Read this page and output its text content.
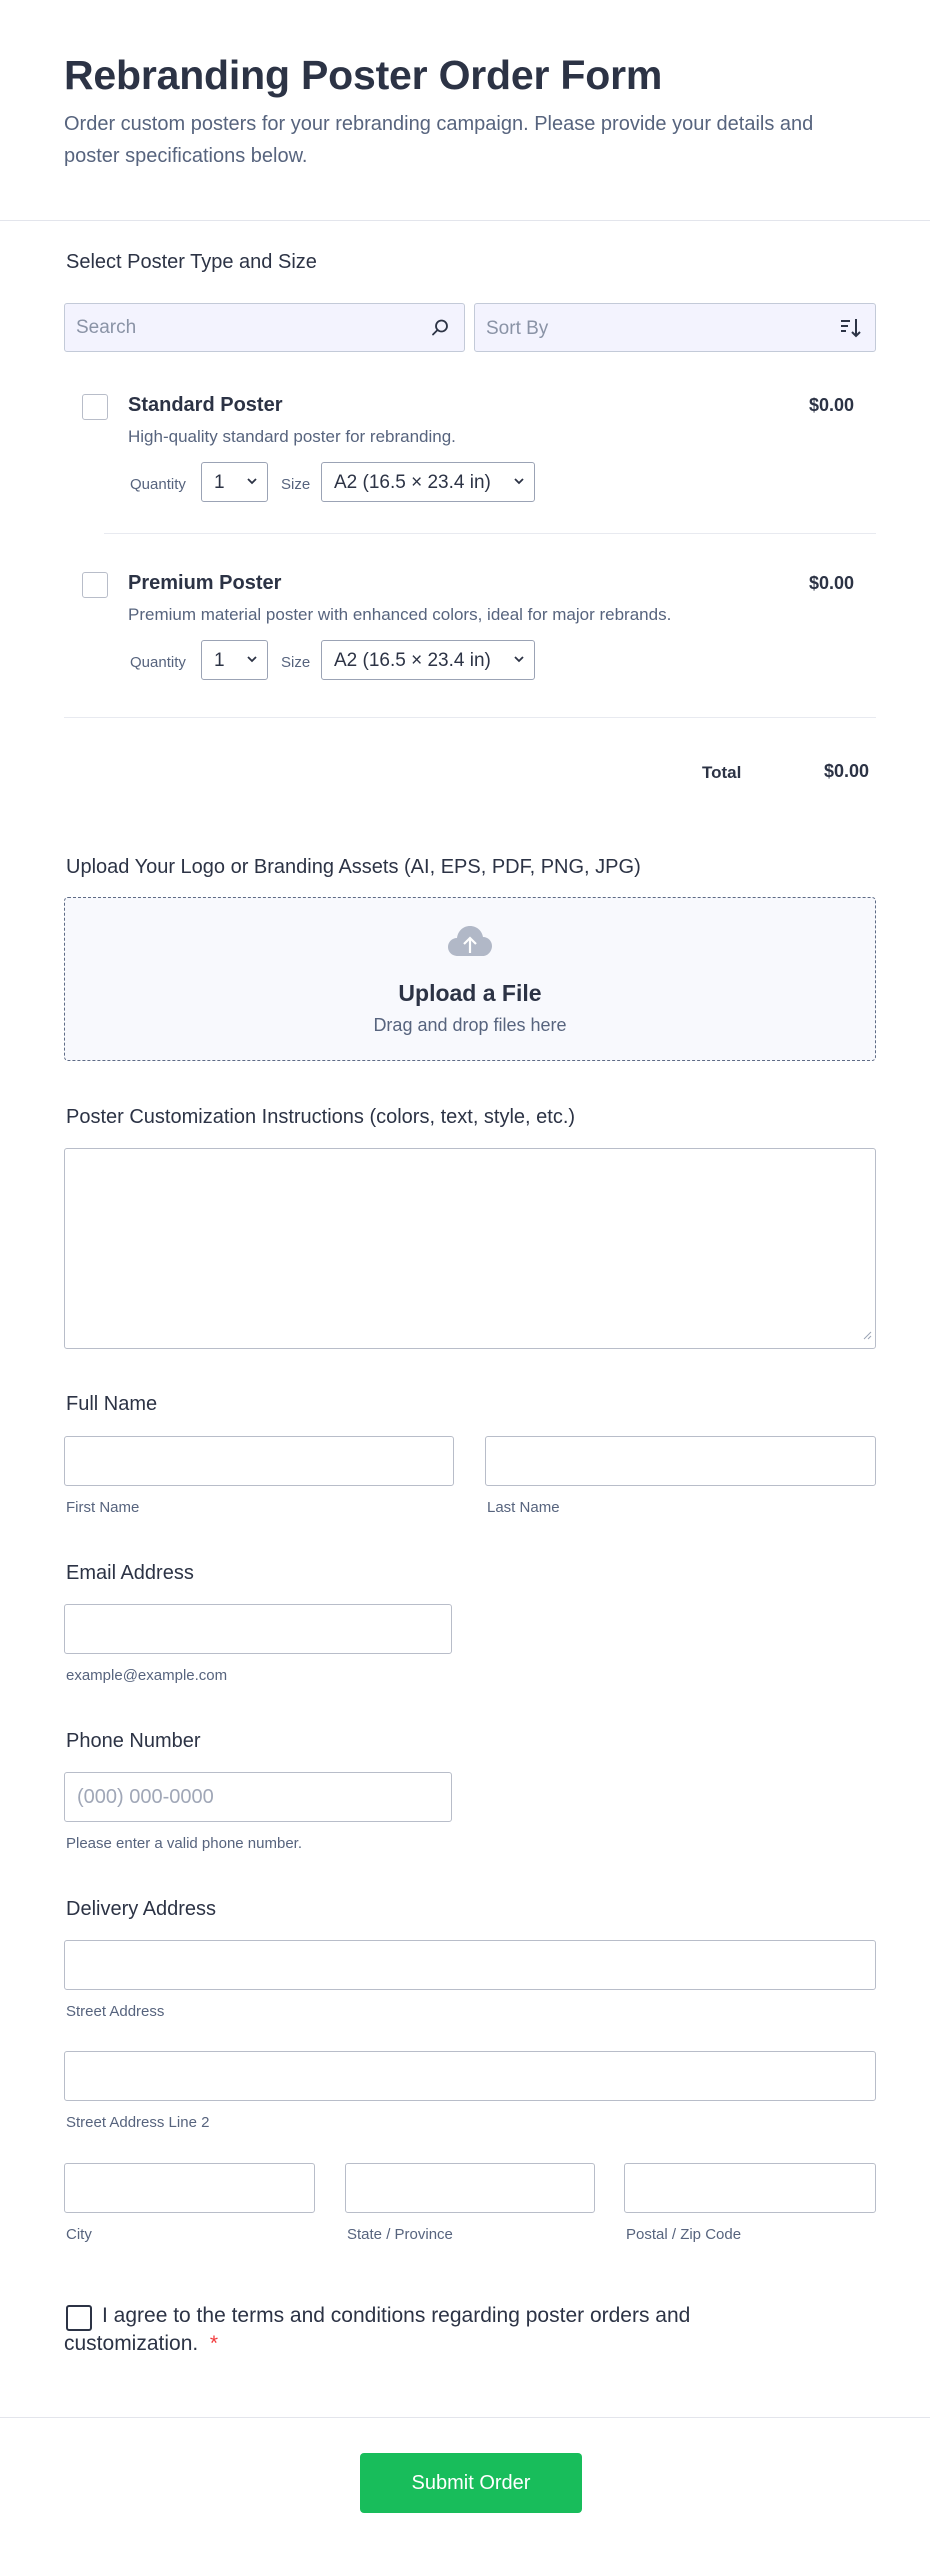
Rebranding Poster Order Form

Order custom posters for your rebranding campaign. Please provide your details and poster specifications below.

Select Poster Type and Size
Search	Sort By
Standard Poster	$0.00
High-quality standard poster for rebranding.
Quantity 1	Size A2 (16.5 × 23.4 in)
Premium Poster	$0.00
Premium material poster with enhanced colors, ideal for major rebrands.
Quantity 1	Size A2 (16.5 × 23.4 in)
Total	$0.00
Upload Your Logo or Branding Assets (AI, EPS, PDF, PNG, JPG)
Upload a File
Drag and drop files here
Poster Customization Instructions (colors, text, style, etc.)
Full Name
First Name	Last Name
Email Address
example@example.com
Phone Number
(000) 000-0000
Please enter a valid phone number.
Delivery Address
Street Address
Street Address Line 2
City	State / Province	Postal / Zip Code
I agree to the terms and conditions regarding poster orders and customization. *
Submit Order
